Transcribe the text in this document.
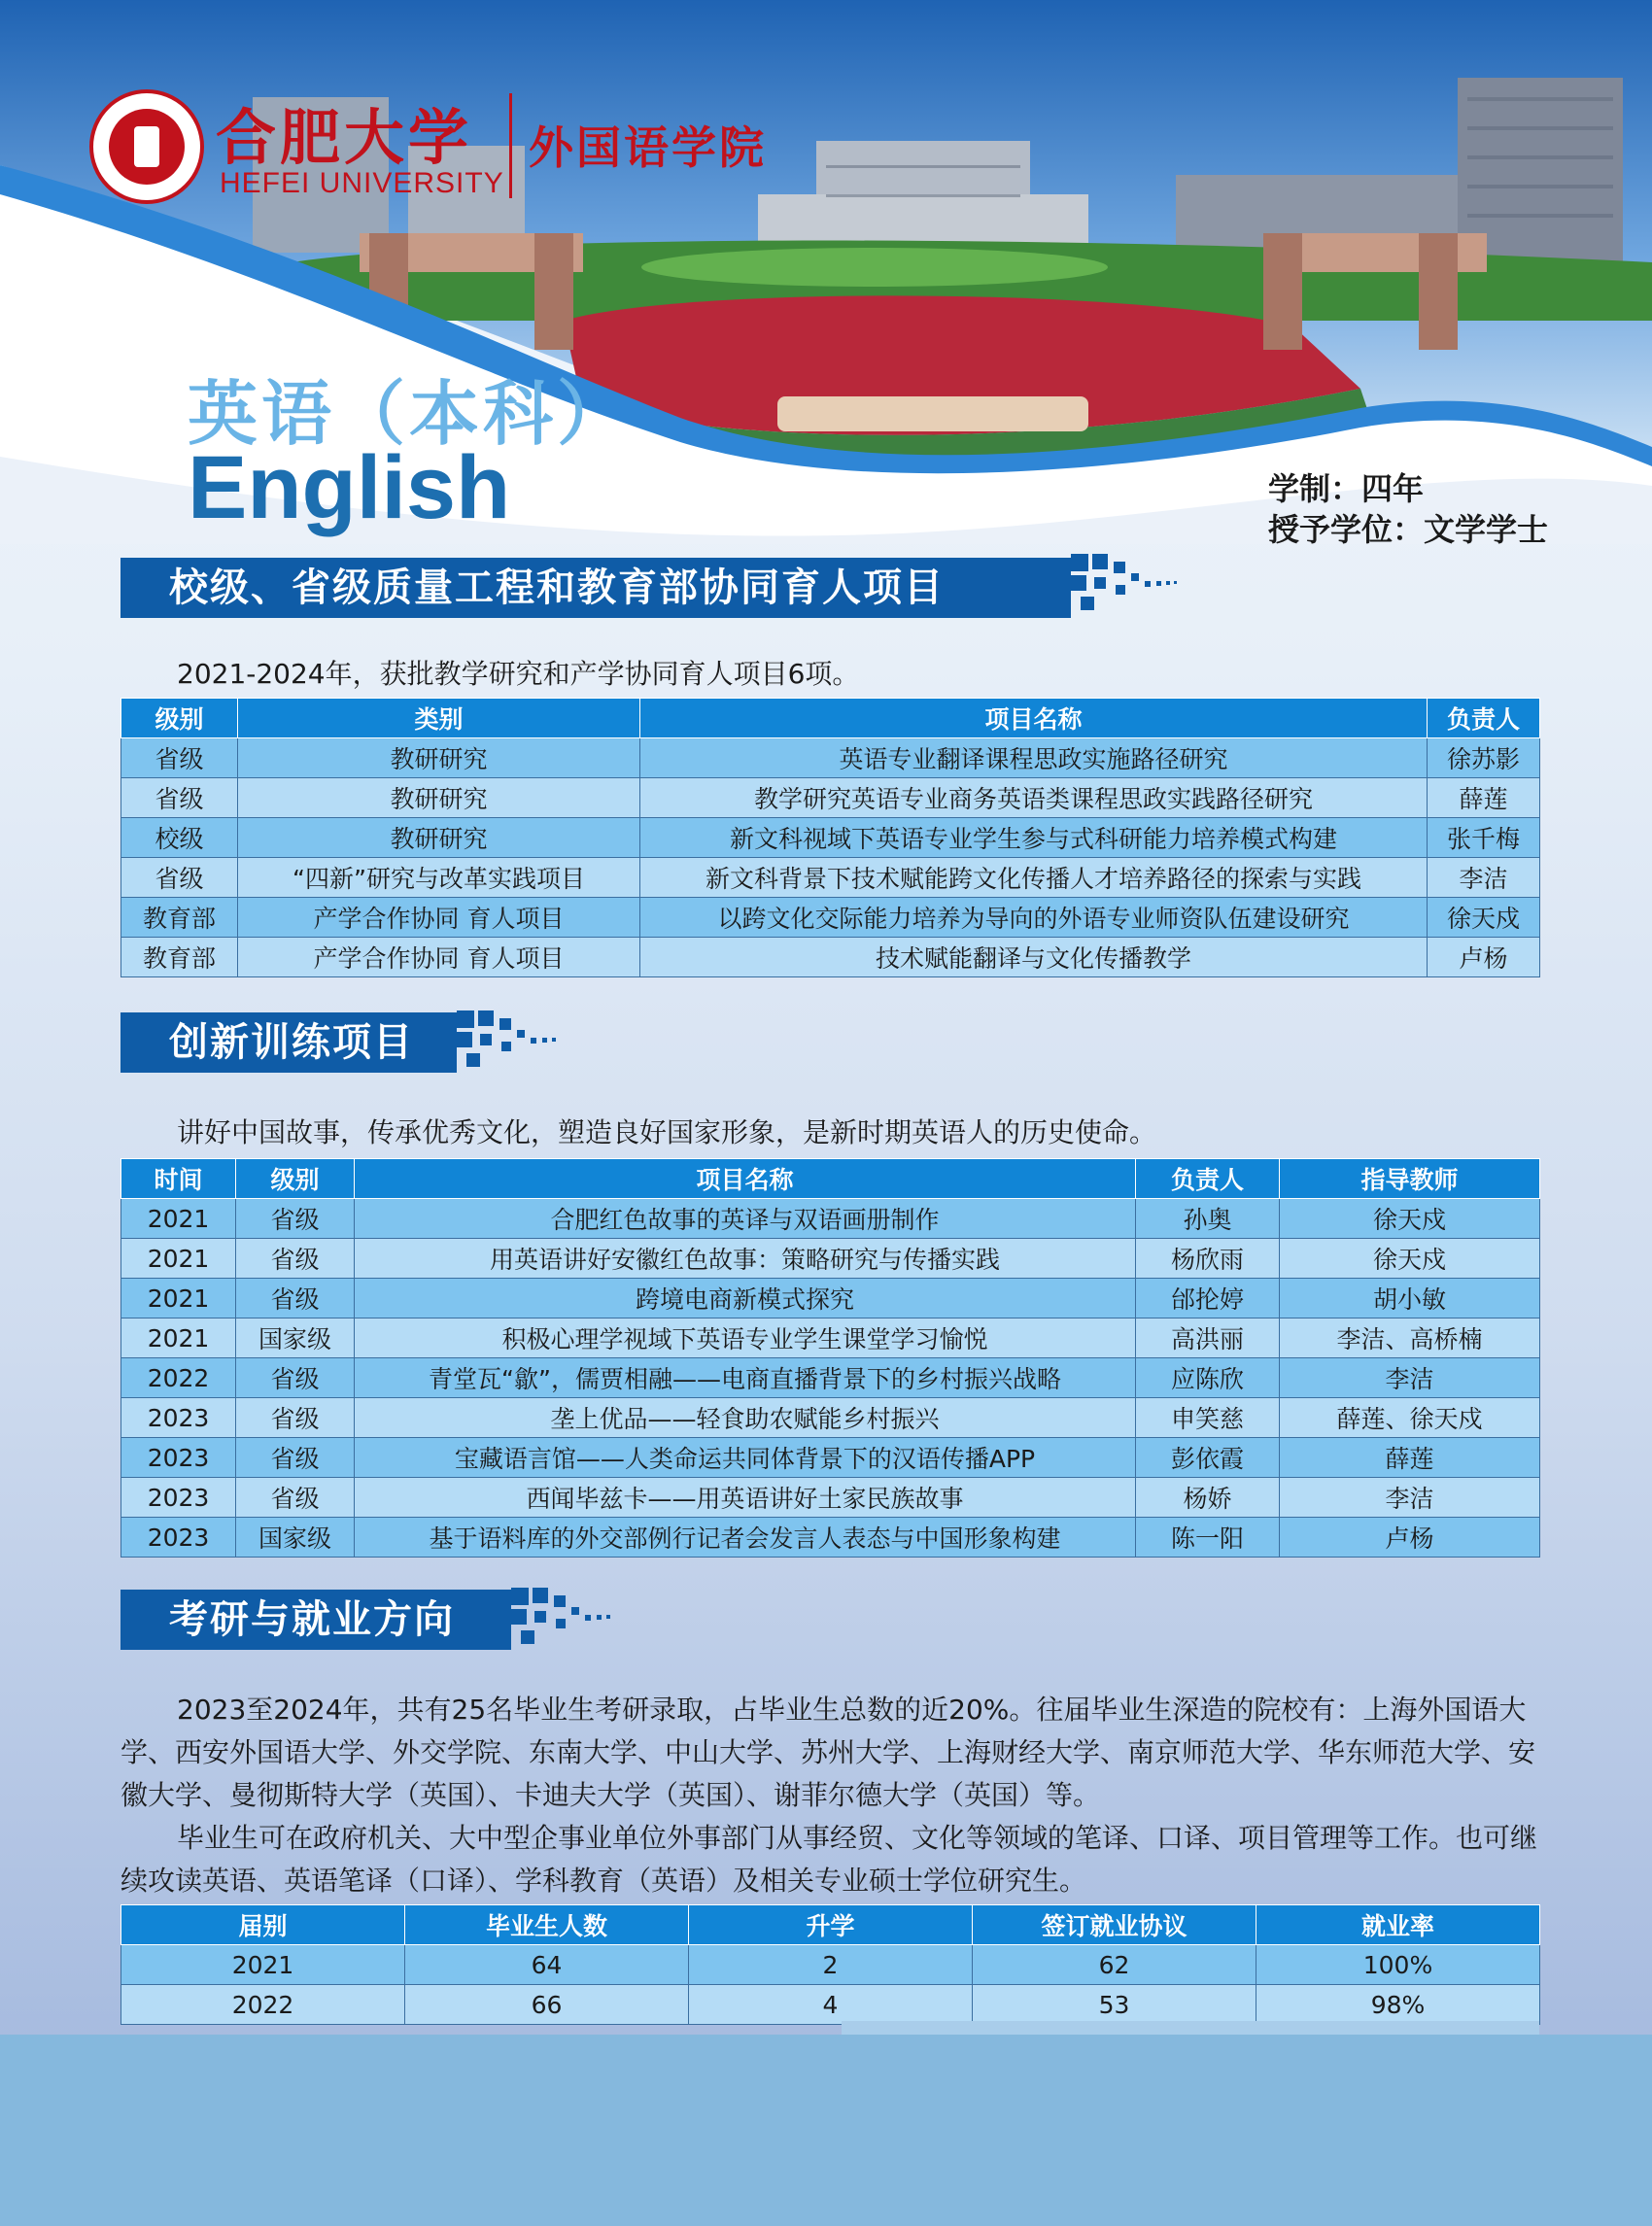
合肥大学
HEFEI UNIVERSITY
外国语学院
英语（本科）
English	学制：四年
授予学位：文学学士
校级、省级质量工程和教育部协同育人项目

2021-2024年，获批教学研究和产学协同育人项目6项。

级别	类别	项目名称	负责人
省级	教研研究	英语专业翻译课程思政实施路径研究	徐苏影
省级	教研研究	教学研究英语专业商务英语类课程思政实践路径研究	薛莲
校级	教研研究	新文科视域下英语专业学生参与式科研能力培养模式构建	张千梅
省级	“四新”研究与改革实践项目	新文科背景下技术赋能跨文化传播人才培养路径的探索与实践	李洁
教育部	产学合作协同 育人项目	以跨文化交际能力培养为导向的外语专业师资队伍建设研究	徐天戍
教育部	产学合作协同 育人项目	技术赋能翻译与文化传播教学	卢杨
创新训练项目

讲好中国故事，传承优秀文化，塑造良好国家形象，是新时期英语人的历史使命。

时间	级别	项目名称	负责人	指导教师
2021	省级	合肥红色故事的英译与双语画册制作	孙奥	徐天戍
2021	省级	用英语讲好安徽红色故事：策略研究与传播实践	杨欣雨	徐天戍
2021	省级	跨境电商新模式探究	邰抡婷	胡小敏
2021	国家级	积极心理学视域下英语专业学生课堂学习愉悦	高洪丽	李洁、高桥楠
2022	省级	青堂瓦“歙”，儒贾相融——电商直播背景下的乡村振兴战略	应陈欣	李洁
2023	省级	垄上优品——轻食助农赋能乡村振兴	申笑慈	薛莲、徐天戍
2023	省级	宝藏语言馆——人类命运共同体背景下的汉语传播APP	彭依霞	薛莲
2023	省级	西闻毕兹卡——用英语讲好土家民族故事	杨娇	李洁
2023	国家级	基于语料库的外交部例行记者会发言人表态与中国形象构建	陈一阳	卢杨
考研与就业方向

2023至2024年，共有25名毕业生考研录取，占毕业生总数的近20%。往届毕业生深造的院校有：上海外国语大学、西安外国语大学、外交学院、东南大学、中山大学、苏州大学、上海财经大学、南京师范大学、华东师范大学、安徽大学、曼彻斯特大学（英国）、卡迪夫大学（英国）、谢菲尔德大学（英国）等。

毕业生可在政府机关、大中型企事业单位外事部门从事经贸、文化等领域的笔译、口译、项目管理等工作。也可继续攻读英语、英语笔译（口译）、学科教育（英语）及相关专业硕士学位研究生。

届别	毕业生人数	升学	签订就业协议	就业率
2021	64	2	62	100%
2022	66	4	53	98%
